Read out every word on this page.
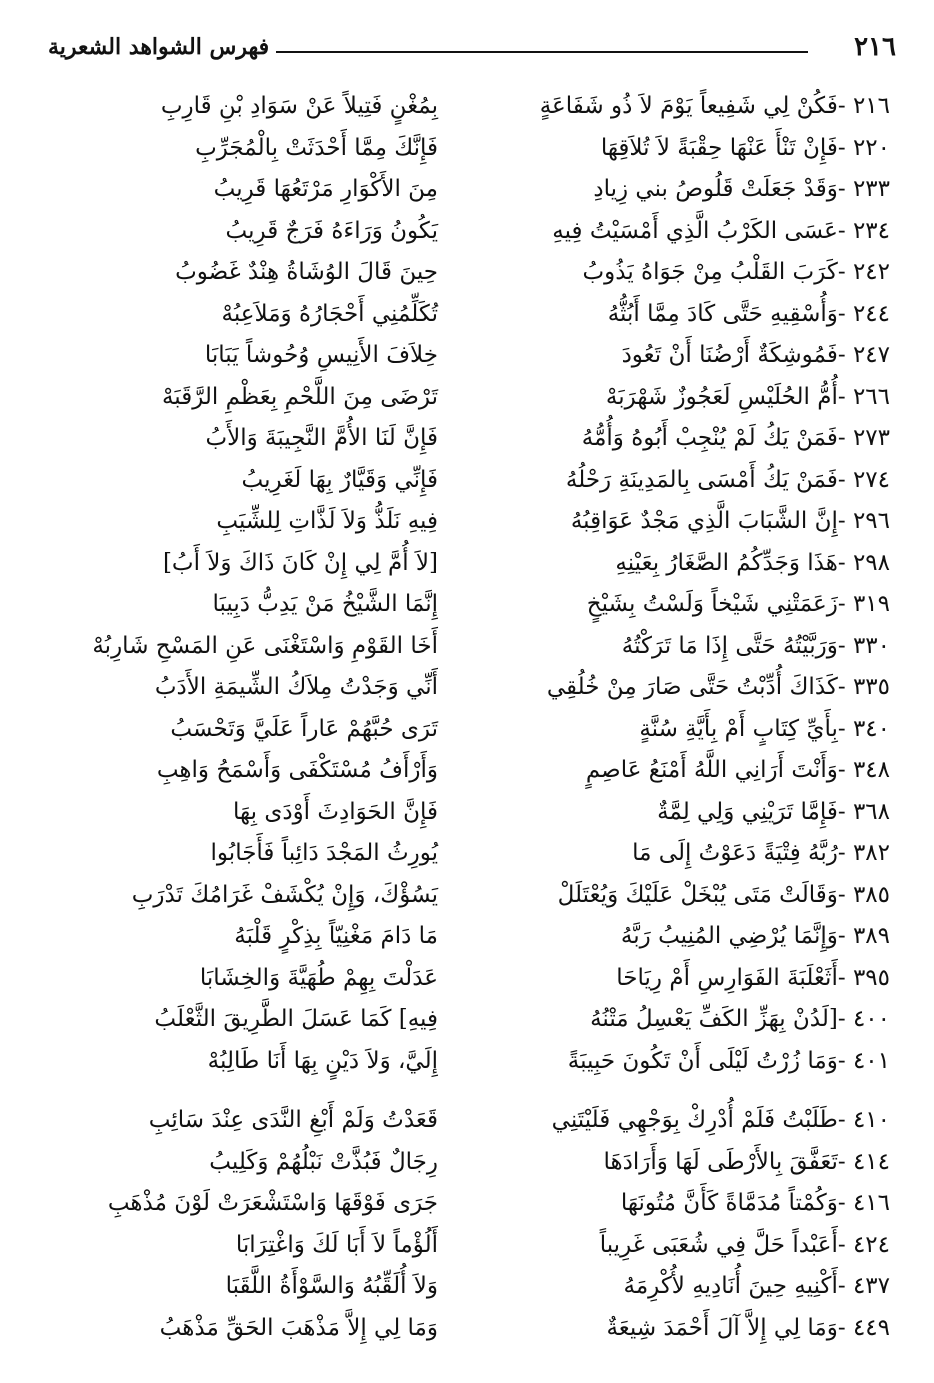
٢١٦
فهرس الشواهد الشعرية
٢١٦ -فَكُنْ لِي شَفِيعاً يَوْمَ لاَ ذُو شَفَاعَةٍ
٢٢٠ -فَإِنْ تَنْأَ عَنْهَا حِقْبَةً لاَ تُلاَقِهَا
٢٣٣ -وَقَدْ جَعَلَتْ قَلُوصُ بني زِيادِ
٢٣٤ -عَسَى الكَرْبُ الَّذِي أَمْسَيْتُ فِيهِ
٢٤٢ -كَرَبَ القَلْبُ مِنْ جَوَاهُ يَذُوبُ
٢٤٤ -وَأُسْقِيهِ حَتَّى كَادَ مِمَّا أَبُثُّهُ
٢٤٧ -فَمُوشِكَةٌ أَرْضُنَا أَنْ تَعُودَ
٢٦٦ -أُمُّ الحُلَيْسِ لَعَجُوزٌ شَهْرَبَهْ
٢٧٣ -فَمَنْ يَكُ لَمْ يُنْجِبْ أَبُوهُ وَأُمُّهُ
٢٧٤ -فَمَنْ يَكُ أَمْسَى بِالمَدِينَةِ رَحْلُهُ
٢٩٦ -إِنَّ الشَّبَابَ الَّذِي مَجْدٌ عَوَاقِبُهُ
٢٩٨ -هَذَا وَجَدِّكُمُ الصَّغَارُ بِعَيْنِهِ
٣١٩ -زَعَمَتْنِي شَيْخاً وَلَسْتُ بِشَيْخٍ
٣٣٠ -وَرَبَّيْتُهُ حَتَّى إِذَا مَا تَرَكْتُهُ
٣٣٥ -كَذَاكَ أُدِّبْتُ حَتَّى صَارَ مِنْ خُلُقِي
٣٤٠ -بِأَيِّ كِتَابٍ أَمْ بِأَيَّةِ سُنَّةٍ
٣٤٨ -وَأَنْتَ أَرَانِي اللَّهُ أَمْنَعُ عَاصِمٍ
٣٦٨ -فَإِمَّا تَرَيْنِي وَلِي لِمَّةٌ
٣٨٢ -رُبَّهُ فِتْيَةً دَعَوْتُ إِلَى مَا
٣٨٥ -وَقَالَتْ مَتَى يُبْخَلْ عَلَيْكَ وَيُعْتَلَلْ
٣٨٩ -وَإِنَّمَا يُرْضِي المُنِيبُ رَبَّهُ
٣٩٥ -أَثَعْلَبَةَ الفَوَارِسِ أَمْ رِيَاحَا
٤٠٠ -[لَدُنْ بِهَزِّ الكَفِّ يَعْسِلُ مَتْنُهُ
٤٠١ -وَمَا زُرْتُ لَيْلَى أَنْ تَكُونَ حَبِيبَةً
٤١٠ -طَلَبْتُ فَلَمْ أُدْرِكْ بِوَجْهِي فَلَيْتَنِي
٤١٤ -تَعَفَّقَ بِالأَرْطَى لَهَا وَأَرَادَهَا
٤١٦ -وَكُمْتاً مُدَمَّاةً كَأَنَّ مُتُونَهَا
٤٢٤ -أَعَبْداً حَلَّ فِي شُعَبَى غَرِيباً
٤٣٧ -أَكْنِيهِ حِينَ أُنَادِيهِ لأُكْرِمَهُ
٤٤٩ -وَمَا لِي إِلاَّ آلَ أَحْمَدَ شِيعَةٌ
بِمُغْنٍ فَتِيلاً عَنْ سَوَادِ بْنِ قَارِبِ
فَإِنَّكَ مِمَّا أَحْدَثَتْ بِالْمُجَرِّبِ
مِنَ الأَكْوَارِ مَرْتَعُهَا قَرِيبُ
يَكُونُ وَرَاءَهُ فَرَجٌ قَرِيبُ
حِينَ قَالَ الوُشَاةُ هِنْدٌ غَضُوبُ
تُكَلِّمُنِي أَحْجَارُهُ وَمَلاَعِبُهْ
خِلاَفَ الأَنِيسِ وُحُوشاً يَبَابَا
تَرْضَى مِنَ اللَّحْمِ بِعَظْمِ الرَّقَبَهْ
فَإِنَّ لَنَا الأُمَّ النَّجِيبَةَ وَالأَبُ
فَإِنِّي وَقَيَّارٌ بِهَا لَغَرِيبُ
فِيهِ نَلَذُّ وَلاَ لَذَّاتِ لِلشِّيَبِ
[لاَ أُمَّ لِي إِنْ كَانَ ذَاكَ وَلاَ أَبُ]
إِنَّمَا الشَّيْخُ مَنْ يَدِبُّ دَبِيبَا
أَخَا القَوْمِ وَاسْتَغْنَى عَنِ المَسْحِ شَارِبُهْ
أَنِّي وَجَدْتُ مِلاَكُ الشِّيمَةِ الأَدَبُ
تَرَى حُبَّهُمْ عَاراً عَلَيَّ وَتَحْسَبُ
وَأَرْأَفُ مُسْتَكْفَى وَأَسْمَحُ وَاهِبِ
فَإِنَّ الحَوَادِثَ أَوْدَى بِهَا
يُورِثُ المَجْدَ دَائِباً فَأَجَابُوا
يَسُؤْكَ، وَإِنْ يُكْشَفْ غَرَامُكَ تَدْرَبِ
مَا دَامَ مَغْنِيّاً بِذِكْرٍ قَلْبَهُ
عَدَلْتَ بِهِمْ طُهَيَّةَ وَالخِشَابَا
فِيهِ] كَمَا عَسَلَ الطَّرِيقَ الثَّعْلَبُ
إِلَيَّ، وَلاَ دَيْنٍ بِهَا أَنَا طَالِبُهْ
قَعَدْتُ وَلَمْ أَبْغِ النَّدَى عِنْدَ سَائِبِ
رِجَالٌ فَبُذَّتْ نَبْلُهُمْ وَكَلِيبُ
جَرَى فَوْقَهَا وَاسْتَشْعَرَتْ لَوْنَ مُذْهَبِ
أَلُؤْماً لاَ أَبَا لَكَ وَاغْتِرَابَا
وَلاَ أُلَقِّبُهُ وَالسَّوْأَةُ اللَّقَبَا
وَمَا لِي إِلاَّ مَذْهَبَ الحَقِّ مَذْهَبُ
